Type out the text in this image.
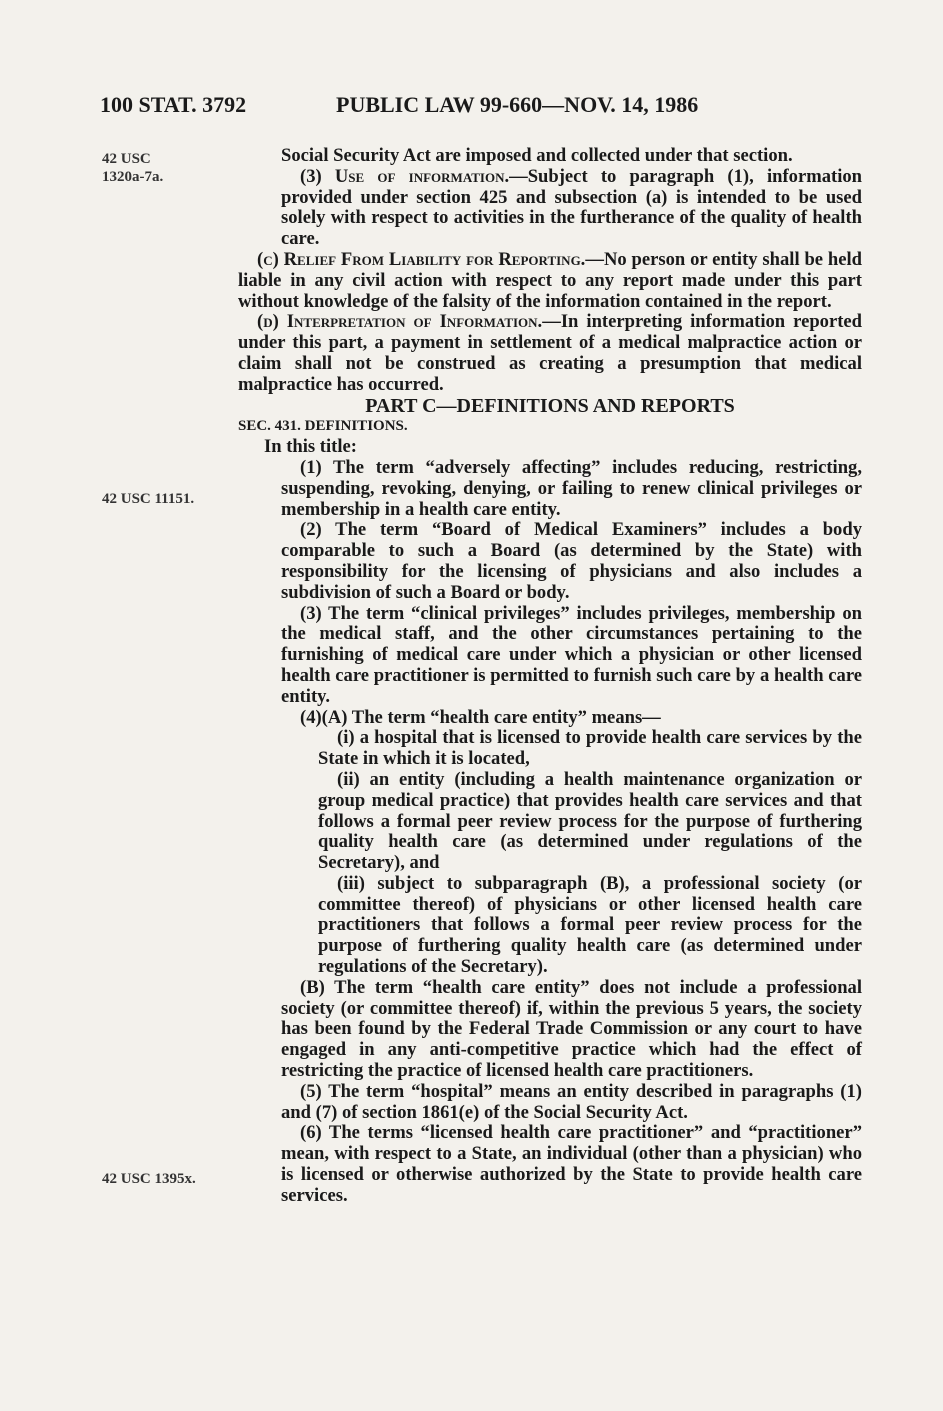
100 STAT. 3792	PUBLIC LAW 99-660—NOV. 14, 1986
42 USC
1320a-7a.
42 USC 11151.
42 USC 1395x.

Social Security Act are imposed and collected under that section.

(3) Use of information.—Subject to paragraph (1), information provided under section 425 and subsection (a) is intended to be used solely with respect to activities in the furtherance of the quality of health care.

(c) Relief From Liability for Reporting.—No person or entity shall be held liable in any civil action with respect to any report made under this part without knowledge of the falsity of the information contained in the report.

(d) Interpretation of Information.—In interpreting information reported under this part, a payment in settlement of a medical malpractice action or claim shall not be construed as creating a presumption that medical malpractice has occurred.

PART C—DEFINITIONS AND REPORTS

SEC. 431. DEFINITIONS.

In this title:

(1) The term “adversely affecting” includes reducing, restricting, suspending, revoking, denying, or failing to renew clinical privileges or membership in a health care entity.

(2) The term “Board of Medical Examiners” includes a body comparable to such a Board (as determined by the State) with responsibility for the licensing of physicians and also includes a subdivision of such a Board or body.

(3) The term “clinical privileges” includes privileges, membership on the medical staff, and the other circumstances pertaining to the furnishing of medical care under which a physician or other licensed health care practitioner is permitted to furnish such care by a health care entity.

(4)(A) The term “health care entity” means—

(i) a hospital that is licensed to provide health care services by the State in which it is located,

(ii) an entity (including a health maintenance organization or group medical practice) that provides health care services and that follows a formal peer review process for the purpose of furthering quality health care (as determined under regulations of the Secretary), and

(iii) subject to subparagraph (B), a professional society (or committee thereof) of physicians or other licensed health care practitioners that follows a formal peer review process for the purpose of furthering quality health care (as determined under regulations of the Secretary).

(B) The term “health care entity” does not include a professional society (or committee thereof) if, within the previous 5 years, the society has been found by the Federal Trade Commission or any court to have engaged in any anti-competitive practice which had the effect of restricting the practice of licensed health care practitioners.

(5) The term “hospital” means an entity described in paragraphs (1) and (7) of section 1861(e) of the Social Security Act.

(6) The terms “licensed health care practitioner” and “practitioner” mean, with respect to a State, an individual (other than a physician) who is licensed or otherwise authorized by the State to provide health care services.
